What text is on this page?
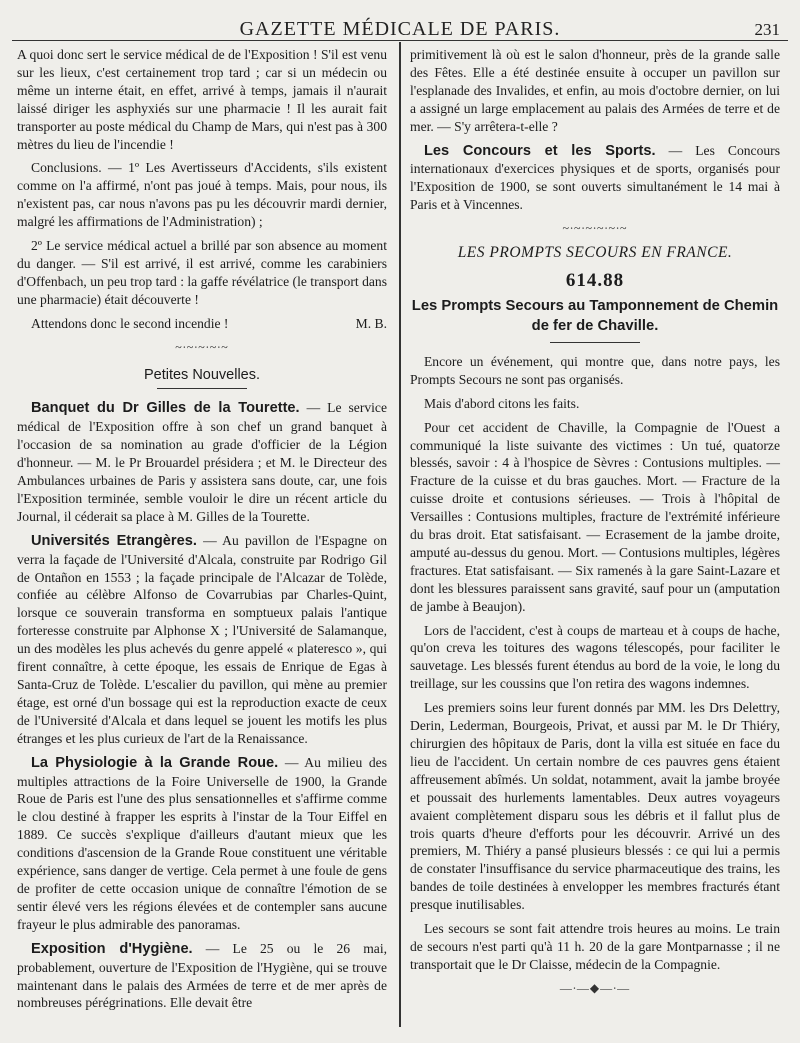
GAZETTE MÉDICALE DE PARIS.	231

A quoi donc sert le service médical de de l'Exposition ! S'il est venu sur les lieux, c'est certainement trop tard ; car si un médecin ou même un interne était, en effet, arrivé à temps, jamais il n'aurait laissé diriger les asphyxiés sur une pharmacie ! Il les aurait fait transporter au poste médical du Champ de Mars, qui n'est pas à 300 mètres du lieu de l'incendie !

Conclusions. — 1º Les Avertisseurs d'Accidents, s'ils existent comme on l'a affirmé, n'ont pas joué à temps. Mais, pour nous, ils n'existent pas, car nous n'avons pas pu les découvrir mardi dernier, malgré les affirmations de l'Administration) ;

2º Le service médical actuel a brillé par son absence au moment du danger. — S'il est arrivé, il est arrivé, comme les carabiniers d'Offenbach, un peu trop tard : la gaffe révélatrice (le transport dans une pharmacie) était découverte !

Attendons donc le second incendie !	M. B.

~∙~∙~∙~∙~
Petites Nouvelles.

Banquet du Dr Gilles de la Tourette. — Le service médical de l'Exposition offre à son chef un grand banquet à l'occasion de sa nomination au grade d'officier de la Légion d'honneur. — M. le Pr Brouardel présidera ; et M. le Directeur des Ambulances urbaines de Paris y assistera sans doute, car, une fois l'Exposition terminée, semble vouloir le dire un récent article du Journal, il céderait sa place à M. Gilles de la Tourette.

Universités Etrangères. — Au pavillon de l'Espagne on verra la façade de l'Université d'Alcala, construite par Rodrigo Gil de Ontañon en 1553 ; la façade principale de l'Alcazar de Tolède, confiée au célèbre Alfonso de Covarrubias par Charles-Quint, lorsque ce souverain transforma en somptueux palais l'antique forteresse construite par Alphonse X ; l'Université de Salamanque, un des modèles les plus achevés du genre appelé « plateresco », qui firent connaître, à cette époque, les essais de Enrique de Egas à Santa-Cruz de Tolède. L'escalier du pavillon, qui mène au premier étage, est orné d'un bossage qui est la reproduction exacte de ceux de l'Université d'Alcala et dans lequel se jouent les motifs les plus étranges et les plus curieux de l'art de la Renaissance.

La Physiologie à la Grande Roue. — Au milieu des multiples attractions de la Foire Universelle de 1900, la Grande Roue de Paris est l'une des plus sensationnelles et s'affirme comme le clou destiné à frapper les esprits à l'instar de la Tour Eiffel en 1889. Ce succès s'explique d'ailleurs d'autant mieux que les conditions d'ascension de la Grande Roue constituent une véritable expérience, sans danger de vertige. Cela permet à une foule de gens de profiter de cette occasion unique de connaître l'émotion de se sentir élevé vers les régions élevées et de contempler sans aucune frayeur le plus admirable des panoramas.

Exposition d'Hygiène. — Le 25 ou le 26 mai, probablement, ouverture de l'Exposition de l'Hygiène, qui se trouve maintenant dans le palais des Armées de terre et de mer après de nombreuses pérégrinations. Elle devait être

primitivement là où est le salon d'honneur, près de la grande salle des Fêtes. Elle a été destinée ensuite à occuper un pavillon sur l'esplanade des Invalides, et enfin, au mois d'octobre dernier, on lui a assigné un large emplacement au palais des Armées de terre et de mer. — S'y arrêtera-t-elle ?

Les Concours et les Sports. — Les Concours internationaux d'exercices physiques et de sports, organisés pour l'Exposition de 1900, se sont ouverts simultanément le 14 mai à Paris et à Vincennes.

~∙~∙~∙~∙~∙~
LES PROMPTS SECOURS EN FRANCE.
614.88
Les Prompts Secours au Tamponnement de Chemin de fer de Chaville.

Encore un événement, qui montre que, dans notre pays, les Prompts Secours ne sont pas organisés.

Mais d'abord citons les faits.

Pour cet accident de Chaville, la Compagnie de l'Ouest a communiqué la liste suivante des victimes : Un tué, quatorze blessés, savoir : 4 à l'hospice de Sèvres : Contusions multiples. — Fracture de la cuisse et du bras gauches. Mort. — Fracture de la cuisse droite et contusions sérieuses. — Trois à l'hôpital de Versailles : Contusions multiples, fracture de l'extrémité inférieure du bras droit. Etat satisfaisant. — Ecrasement de la jambe droite, amputé au-dessus du genou. Mort. — Contusions multiples, légères fractures. Etat satisfaisant. — Six ramenés à la gare Saint-Lazare et dont les blessures paraissent sans gravité, sauf pour un (amputation de jambe à Beaujon).

Lors de l'accident, c'est à coups de marteau et à coups de hache, qu'on creva les toitures des wagons télescopés, pour faciliter le sauvetage. Les blessés furent étendus au bord de la voie, le long du treillage, sur les coussins que l'on retira des wagons indemnes.

Les premiers soins leur furent donnés par MM. les Drs Delettry, Derin, Lederman, Bourgeois, Privat, et aussi par M. le Dr Thiéry, chirurgien des hôpitaux de Paris, dont la villa est située en face du lieu de l'accident. Un certain nombre de ces pauvres gens étaient affreusement abîmés. Un soldat, notamment, avait la jambe broyée et poussait des hurlements lamentables. Deux autres voyageurs avaient complètement disparu sous les débris et il fallut plus de trois quarts d'heure d'efforts pour les découvrir. Arrivé un des premiers, M. Thiéry a pansé plusieurs blessés : ce qui lui a permis de constater l'insuffisance du service pharmaceutique des trains, les bandes de toile destinées à envelopper les membres fracturés étant presque inutilisables.

Les secours se sont fait attendre trois heures au moins. Le train de secours n'est parti qu'à 11 h. 20 de la gare Montparnasse ; il ne transportait que le Dr Claisse, médecin de la Compagnie.

—∙—◆—∙—
